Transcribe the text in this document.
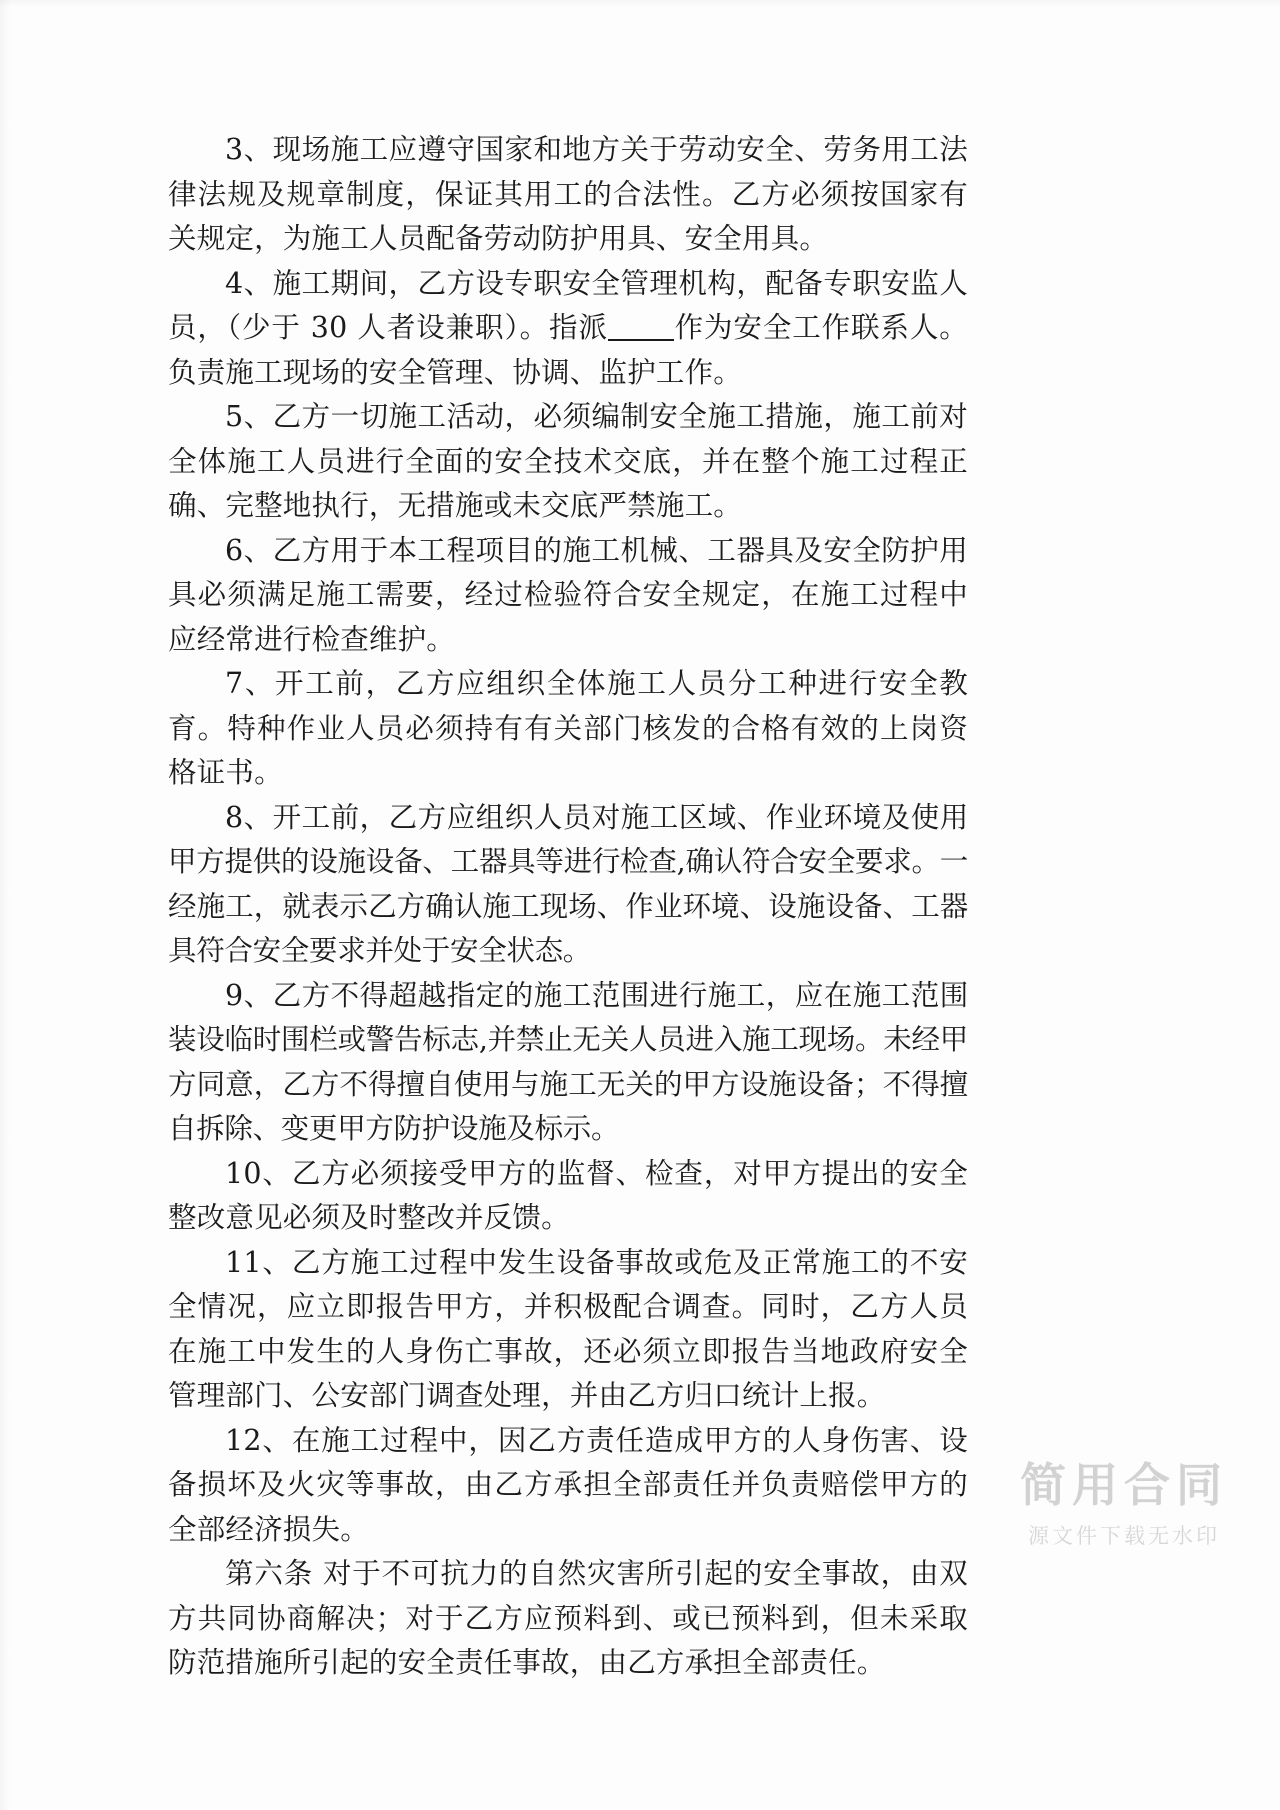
3、现场施工应遵守国家和地方关于劳动安全、劳务用工法律法规及规章制度，保证其用工的合法性。乙方必须按国家有关规定，为施工人员配备劳动防护用具、安全用具。

4、施工期间，乙方设专职安全管理机构，配备专职安监人员，（少于 30 人者设兼职）。指派 作为安全工作联系人。负责施工现场的安全管理、协调、监护工作。

5、乙方一切施工活动，必须编制安全施工措施，施工前对全体施工人员进行全面的安全技术交底，并在整个施工过程正确、完整地执行，无措施或未交底严禁施工。

6、乙方用于本工程项目的施工机械、工器具及安全防护用具必须满足施工需要，经过检验符合安全规定，在施工过程中应经常进行检查维护。

7、开工前，乙方应组织全体施工人员分工种进行安全教育。特种作业人员必须持有有关部门核发的合格有效的上岗资格证书。

8、开工前，乙方应组织人员对施工区域、作业环境及使用甲方提供的设施设备、工器具等进行检查,确认符合安全要求。一经施工，就表示乙方确认施工现场、作业环境、设施设备、工器具符合安全要求并处于安全状态。

9、乙方不得超越指定的施工范围进行施工，应在施工范围装设临时围栏或警告标志,并禁止无关人员进入施工现场。未经甲方同意，乙方不得擅自使用与施工无关的甲方设施设备；不得擅自拆除、变更甲方防护设施及标示。

10、乙方必须接受甲方的监督、检查，对甲方提出的安全整改意见必须及时整改并反馈。

11、乙方施工过程中发生设备事故或危及正常施工的不安全情况，应立即报告甲方，并积极配合调查。同时，乙方人员在施工中发生的人身伤亡事故，还必须立即报告当地政府安全管理部门、公安部门调查处理，并由乙方归口统计上报。

12、在施工过程中，因乙方责任造成甲方的人身伤害、设备损坏及火灾等事故，由乙方承担全部责任并负责赔偿甲方的全部经济损失。

第六条 对于不可抗力的自然灾害所引起的安全事故，由双方共同协商解决；对于乙方应预料到、或已预料到，但未采取防范措施所引起的安全责任事故，由乙方承担全部责任。

简用合同
源文件下载无水印
